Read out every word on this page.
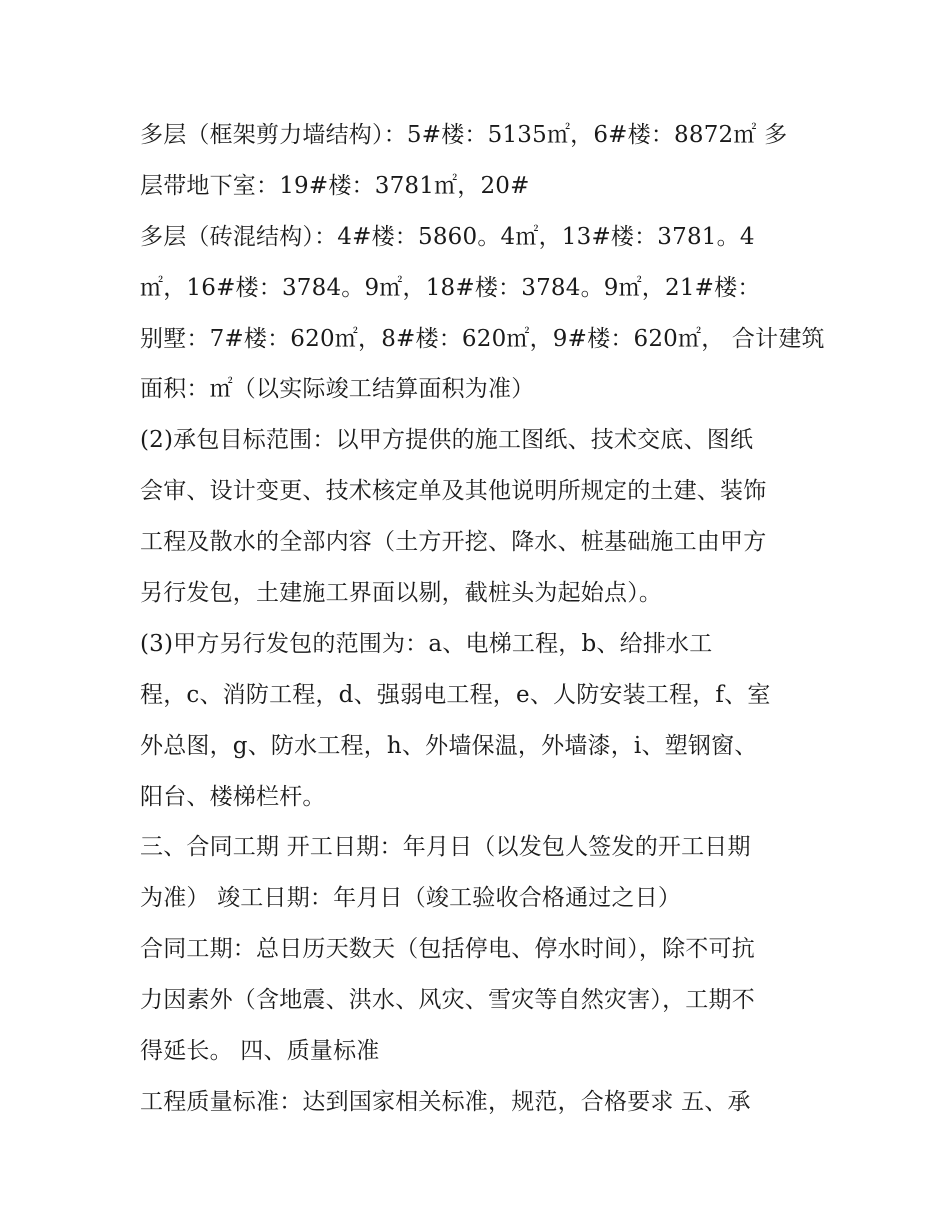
多层（框架剪力墙结构）：5#楼：5135㎡，6#楼：8872㎡ 多
层带地下室：19#楼：3781㎡，20#
多层（砖混结构）：4#楼：5860。4㎡，13#楼：3781。4
㎡，16#楼：3784。9㎡，18#楼：3784。9㎡，21#楼：
别墅：7#楼：620㎡，8#楼：620㎡，9#楼：620㎡， 合计建筑
面积：㎡（以实际竣工结算面积为准）
(2)承包目标范围：以甲方提供的施工图纸、技术交底、图纸
会审、设计变更、技术核定单及其他说明所规定的土建、装饰
工程及散水的全部内容（土方开挖、降水、桩基础施工由甲方
另行发包，土建施工界面以剔，截桩头为起始点）。
(3)甲方另行发包的范围为：a、电梯工程，b、给排水工
程，c、消防工程，d、强弱电工程，e、人防安装工程，f、室
外总图，g、防水工程，h、外墙保温，外墙漆，i、塑钢窗、
阳台、楼梯栏杆。
三、合同工期 开工日期：年月日（以发包人签发的开工日期
为准） 竣工日期：年月日（竣工验收合格通过之日）
合同工期：总日历天数天（包括停电、停水时间），除不可抗
力因素外（含地震、洪水、风灾、雪灾等自然灾害），工期不
得延长。 四、质量标准
工程质量标准：达到国家相关标准，规范，合格要求 五、承
